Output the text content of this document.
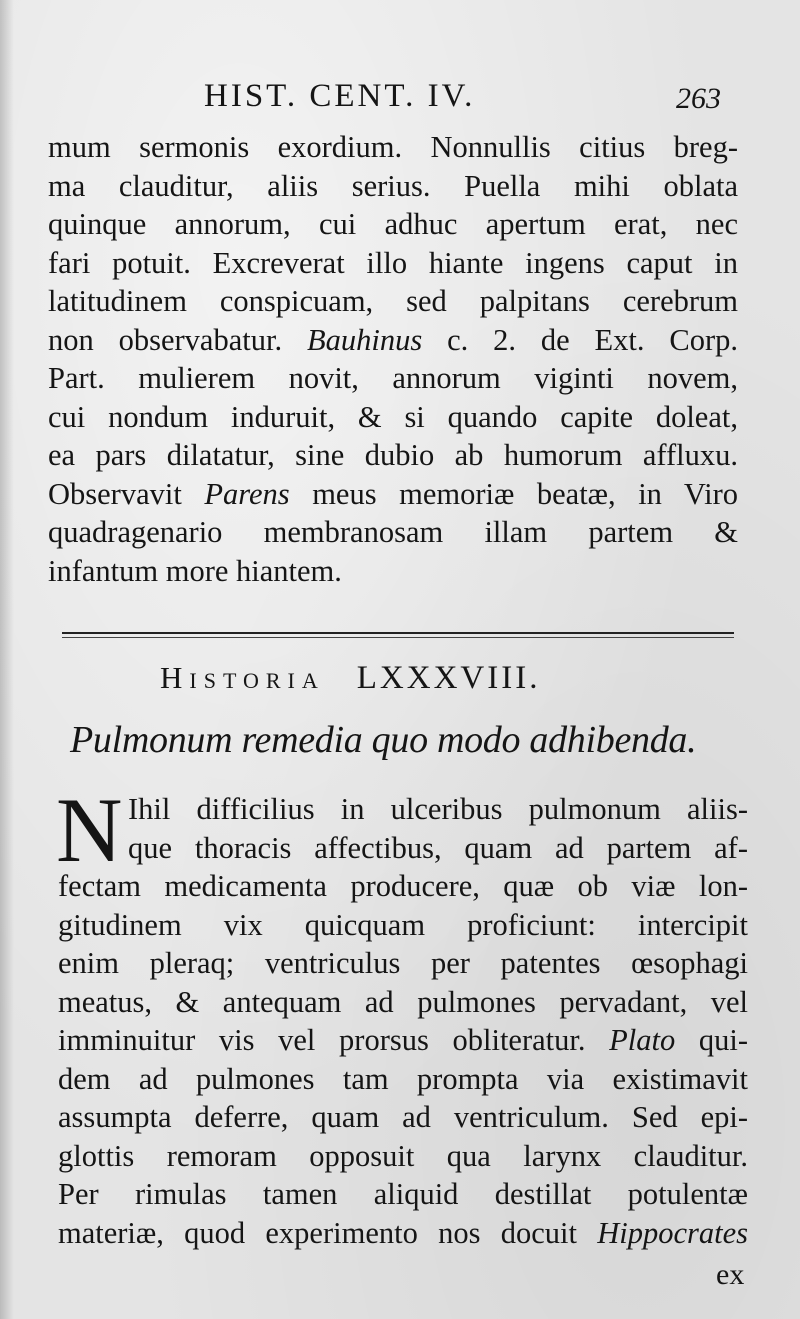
HIST. CENT. IV.	263
mum sermonis exordium. Nonnullis citius breg-
ma clauditur, aliis serius. Puella mihi oblata
quinque annorum, cui adhuc apertum erat, nec
fari potuit. Excreverat illo hiante ingens caput in
latitudinem conspicuam, sed palpitans cerebrum
non observabatur. Bauhinus c. 2. de Ext. Corp.
Part. mulierem novit, annorum viginti novem,
cui nondum induruit, & si quando capite doleat,
ea pars dilatatur, sine dubio ab humorum affluxu.
Observavit Parens meus memoriæ beatæ, in Viro
quadragenario membranosam illam partem &
infantum more hiantem.
Historia LXXXVIII.
Pulmonum remedia quo modo adhibenda.
N Ihil difficilius in ulceribus pulmonum aliis-
que thoracis affectibus, quam ad partem af-
fectam medicamenta producere, quæ ob viæ lon-
gitudinem vix quicquam proficiunt: intercipit
enim pleraq; ventriculus per patentes œsophagi
meatus, & antequam ad pulmones pervadant, vel
imminuitur vis vel prorsus obliteratur. Plato qui-
dem ad pulmones tam prompta via existimavit
assumpta deferre, quam ad ventriculum. Sed epi-
glottis remoram opposuit qua larynx clauditur.
Per rimulas tamen aliquid destillat potulentæ
materiæ, quod experimento nos docuit Hippocrates
ex
